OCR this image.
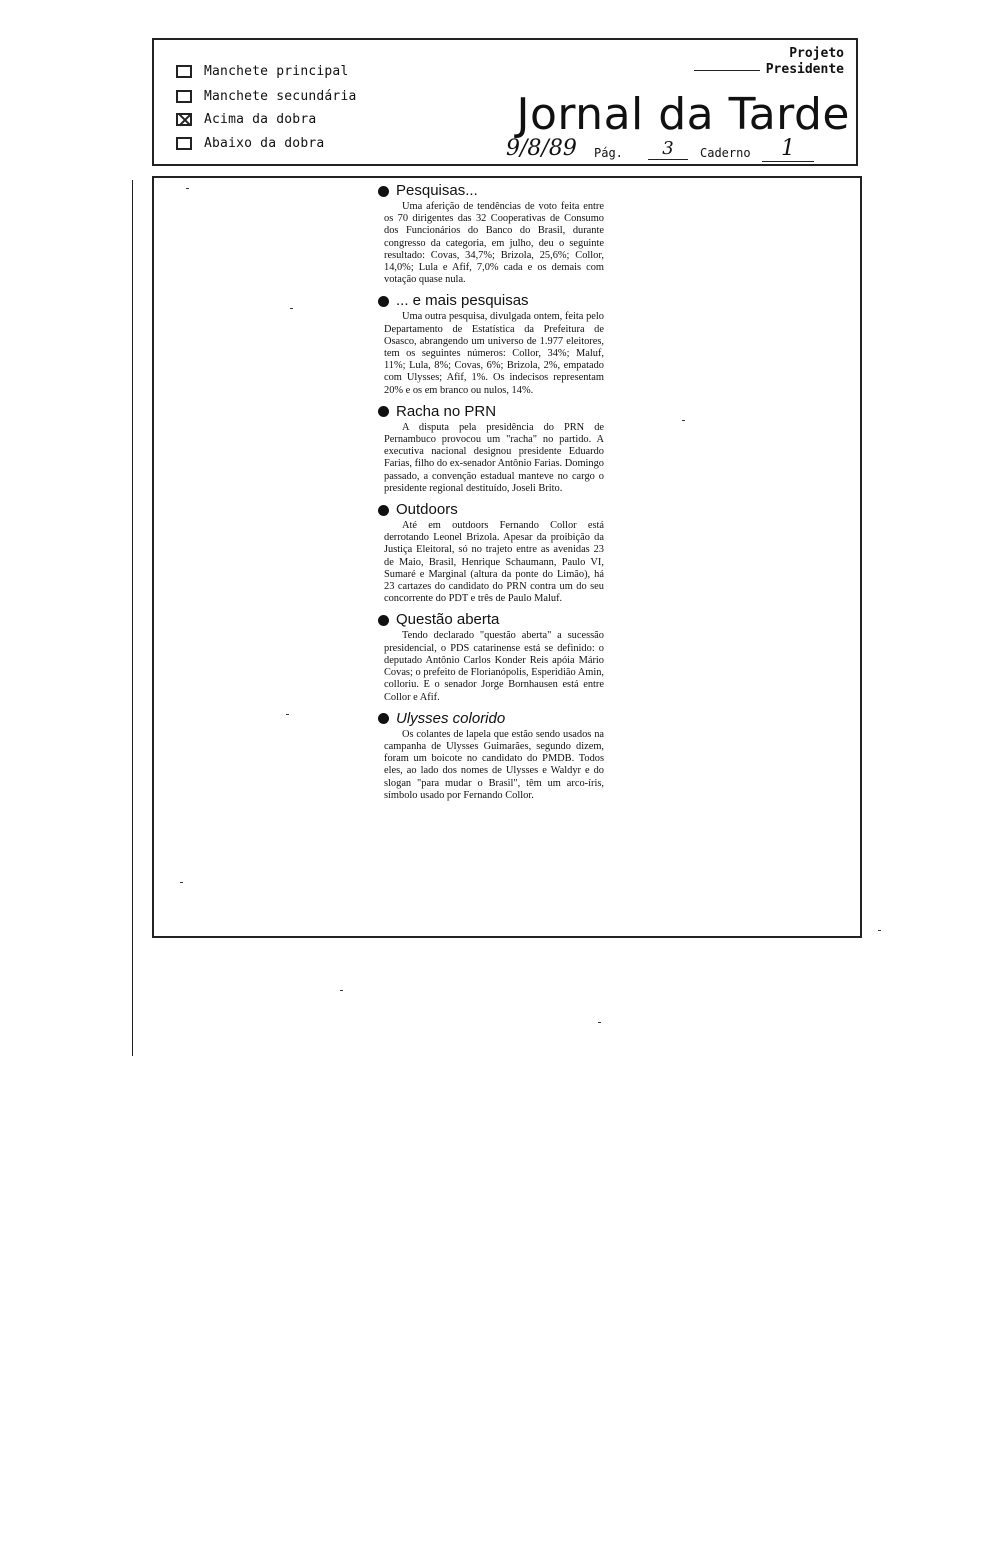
Manchete principal
Manchete secundária
Acima da dobra
Abaixo da dobra
Projeto
Presidente
Jornal da Tarde
9/8/89 Pág.	3	Caderno	1
Pesquisas...

Uma aferição de tendências de voto feita entre os 70 dirigentes das 32 Cooperativas de Consumo dos Funcionários do Banco do Brasil, durante congresso da categoria, em julho, deu o seguinte resultado: Covas, 34,7%; Brizola, 25,6%; Collor, 14,0%; Lula e Afif, 7,0% cada e os demais com votação quase nula.

... e mais pesquisas

Uma outra pesquisa, divulgada ontem, feita pelo Departamento de Estatística da Prefeitura de Osasco, abrangendo um universo de 1.977 eleitores, tem os seguintes números: Collor, 34%; Maluf, 11%; Lula, 8%; Covas, 6%; Brizola, 2%, empatado com Ulysses; Afif, 1%. Os indecisos representam 20% e os em branco ou nulos, 14%.

Racha no PRN

A disputa pela presidência do PRN de Pernambuco provocou um "racha" no partido. A executiva nacional designou presidente Eduardo Farias, filho do ex-senador Antônio Farias. Domingo passado, a convenção estadual manteve no cargo o presidente regional destituído, Joseli Brito.

Outdoors

Até em outdoors Fernando Collor está derrotando Leonel Brizola. Apesar da proibição da Justiça Eleitoral, só no trajeto entre as avenidas 23 de Maio, Brasil, Henrique Schaumann, Paulo VI, Sumaré e Marginal (altura da ponte do Limão), há 23 cartazes do candidato do PRN contra um do seu concorrente do PDT e três de Paulo Maluf.

Questão aberta

Tendo declarado "questão aberta" a sucessão presidencial, o PDS catarinense está se definido: o deputado Antônio Carlos Konder Reis apóia Mário Covas; o prefeito de Florianópolis, Esperidião Amin, colloriu. E o senador Jorge Bornhausen está entre Collor e Afif.

Ulysses colorido

Os colantes de lapela que estão sendo usados na campanha de Ulysses Guimarães, segundo dizem, foram um boicote no candidato do PMDB. Todos eles, ao lado dos nomes de Ulysses e Waldyr e do slogan "para mudar o Brasil", têm um arco-íris, símbolo usado por Fernando Collor.
